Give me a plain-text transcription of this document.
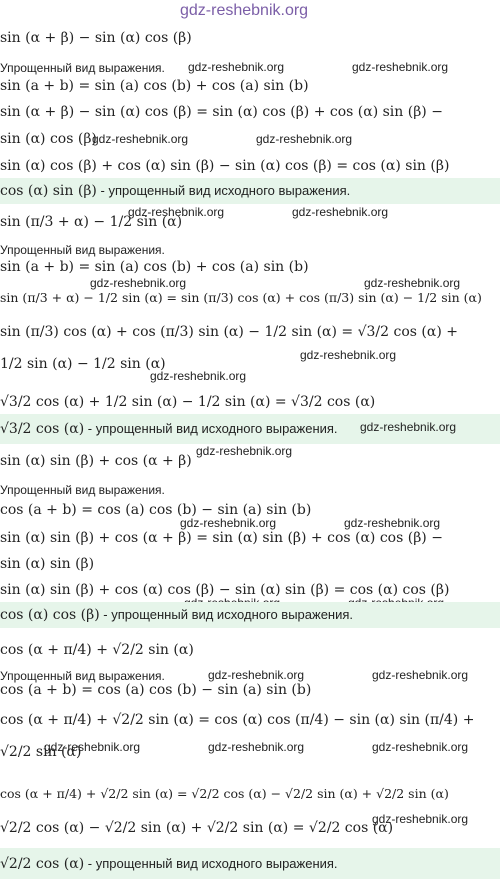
gdz-reshebnik.org
sin (α + β) − sin (α) cos (β)
Упрощенный вид выражения. gdz-reshebnik.org	gdz-reshebnik.org
sin (a + b) = sin (a) cos (b) + cos (a) sin (b)
sin (α + β) − sin (α) cos (β) = sin (α) cos (β) + cos (α) sin (β) −
sin (α) cos (β)
gdz-reshebnik.org	gdz-reshebnik.org
sin (α) cos (β) + cos (α) sin (β) − sin (α) cos (β) = cos (α) sin (β)
cos (α) sin (β) - упрощенный вид исходного выражения.
sin (π/3 + α) − 1/2 sin (α)
gdz-reshebnik.org	gdz-reshebnik.org
Упрощенный вид выражения.
sin (a + b) = sin (a) cos (b) + cos (a) sin (b)
gdz-reshebnik.org	gdz-reshebnik.org
sin (π/3 + α) − 1/2 sin (α) = sin (π/3) cos (α) + cos (π/3) sin (α) − 1/2 sin (α)
sin (π/3) cos (α) + cos (π/3) sin (α) − 1/2 sin (α) = √3/2 cos (α) +
1/2 sin (α) − 1/2 sin (α)
gdz-reshebnik.org
gdz-reshebnik.org
√3/2 cos (α) + 1/2 sin (α) − 1/2 sin (α) = √3/2 cos (α)
√3/2 cos (α) - упрощенный вид исходного выражения. gdz-reshebnik.org
sin (α) sin (β) + cos (α + β)
gdz-reshebnik.org
Упрощенный вид выражения.
cos (a + b) = cos (a) cos (b) − sin (a) sin (b)
gdz-reshebnik.org	gdz-reshebnik.org
sin (α) sin (β) + cos (α + β) = sin (α) sin (β) + cos (α) cos (β) −
sin (α) sin (β)
sin (α) sin (β) + cos (α) cos (β) − sin (α) sin (β) = cos (α) cos (β)
cos (α) cos (β) - упрощенный вид исходного выражения.
cos (α + π/4) + √2/2 sin (α)
Упрощенный вид выражения.	gdz-reshebnik.org	gdz-reshebnik.org
cos (a + b) = cos (a) cos (b) − sin (a) sin (b)
cos (α + π/4) + √2/2 sin (α) = cos (α) cos (π/4) − sin (α) sin (π/4) +
√2/2 sin (α)
gdz-reshebnik.org	gdz-reshebnik.org	gdz-reshebnik.org
cos (α + π/4) + √2/2 sin (α) = √2/2 cos (α) − √2/2 sin (α) + √2/2 sin (α)
√2/2 cos (α) − √2/2 sin (α) + √2/2 sin (α) = √2/2 cos (α)
gdz-reshebnik.org
√2/2 cos (α) - упрощенный вид исходного выражения.
